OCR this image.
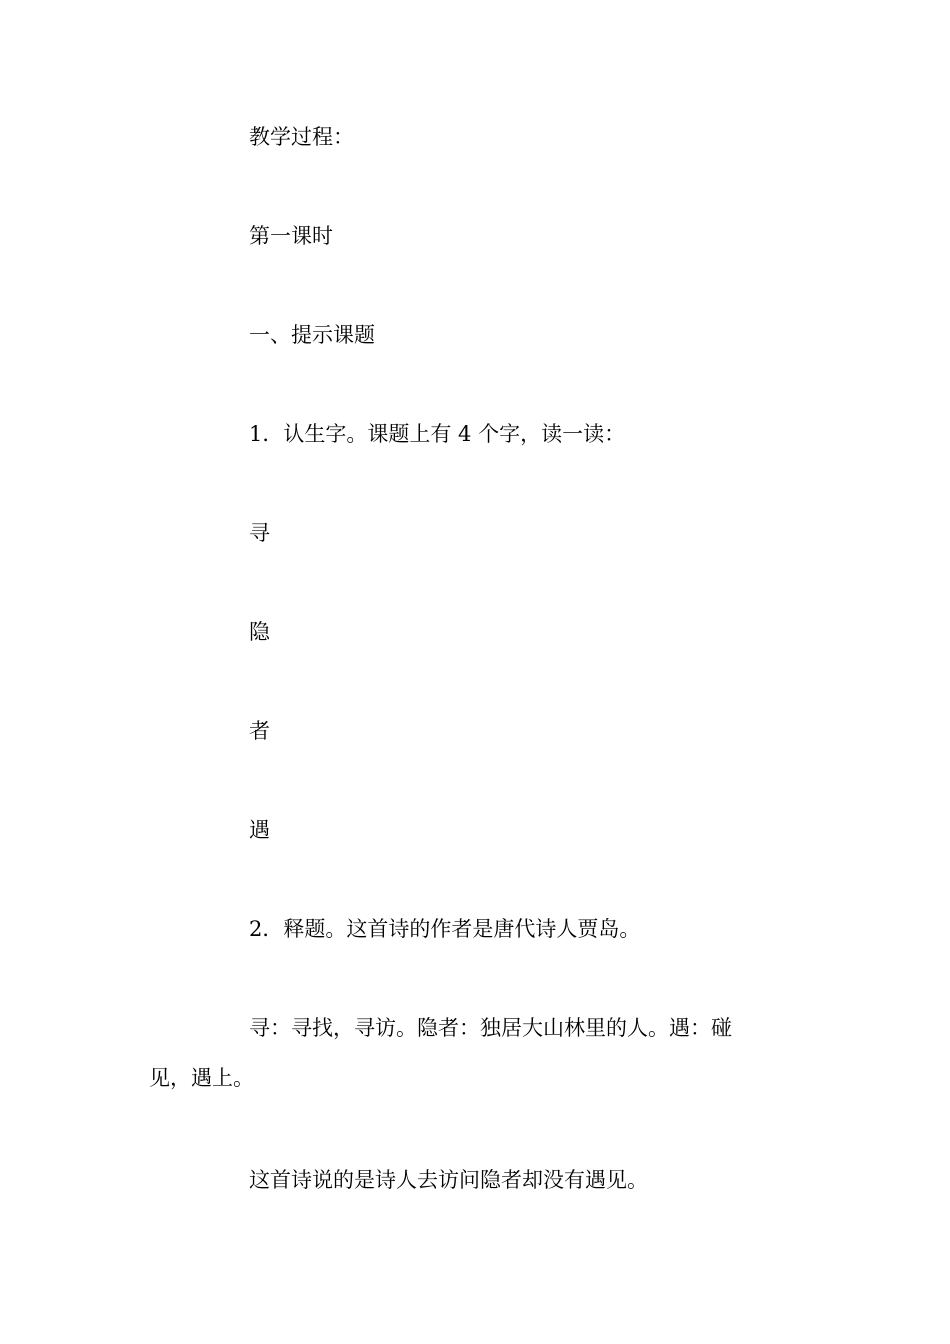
教学过程：
第一课时
一、提示课题
1．认生字。课题上有 4 个字，读一读：
寻
隐
者
遇
2．释题。这首诗的作者是唐代诗人贾岛。
寻：寻找，寻访。隐者：独居大山林里的人。遇：碰见，遇上。
这首诗说的是诗人去访问隐者却没有遇见。
